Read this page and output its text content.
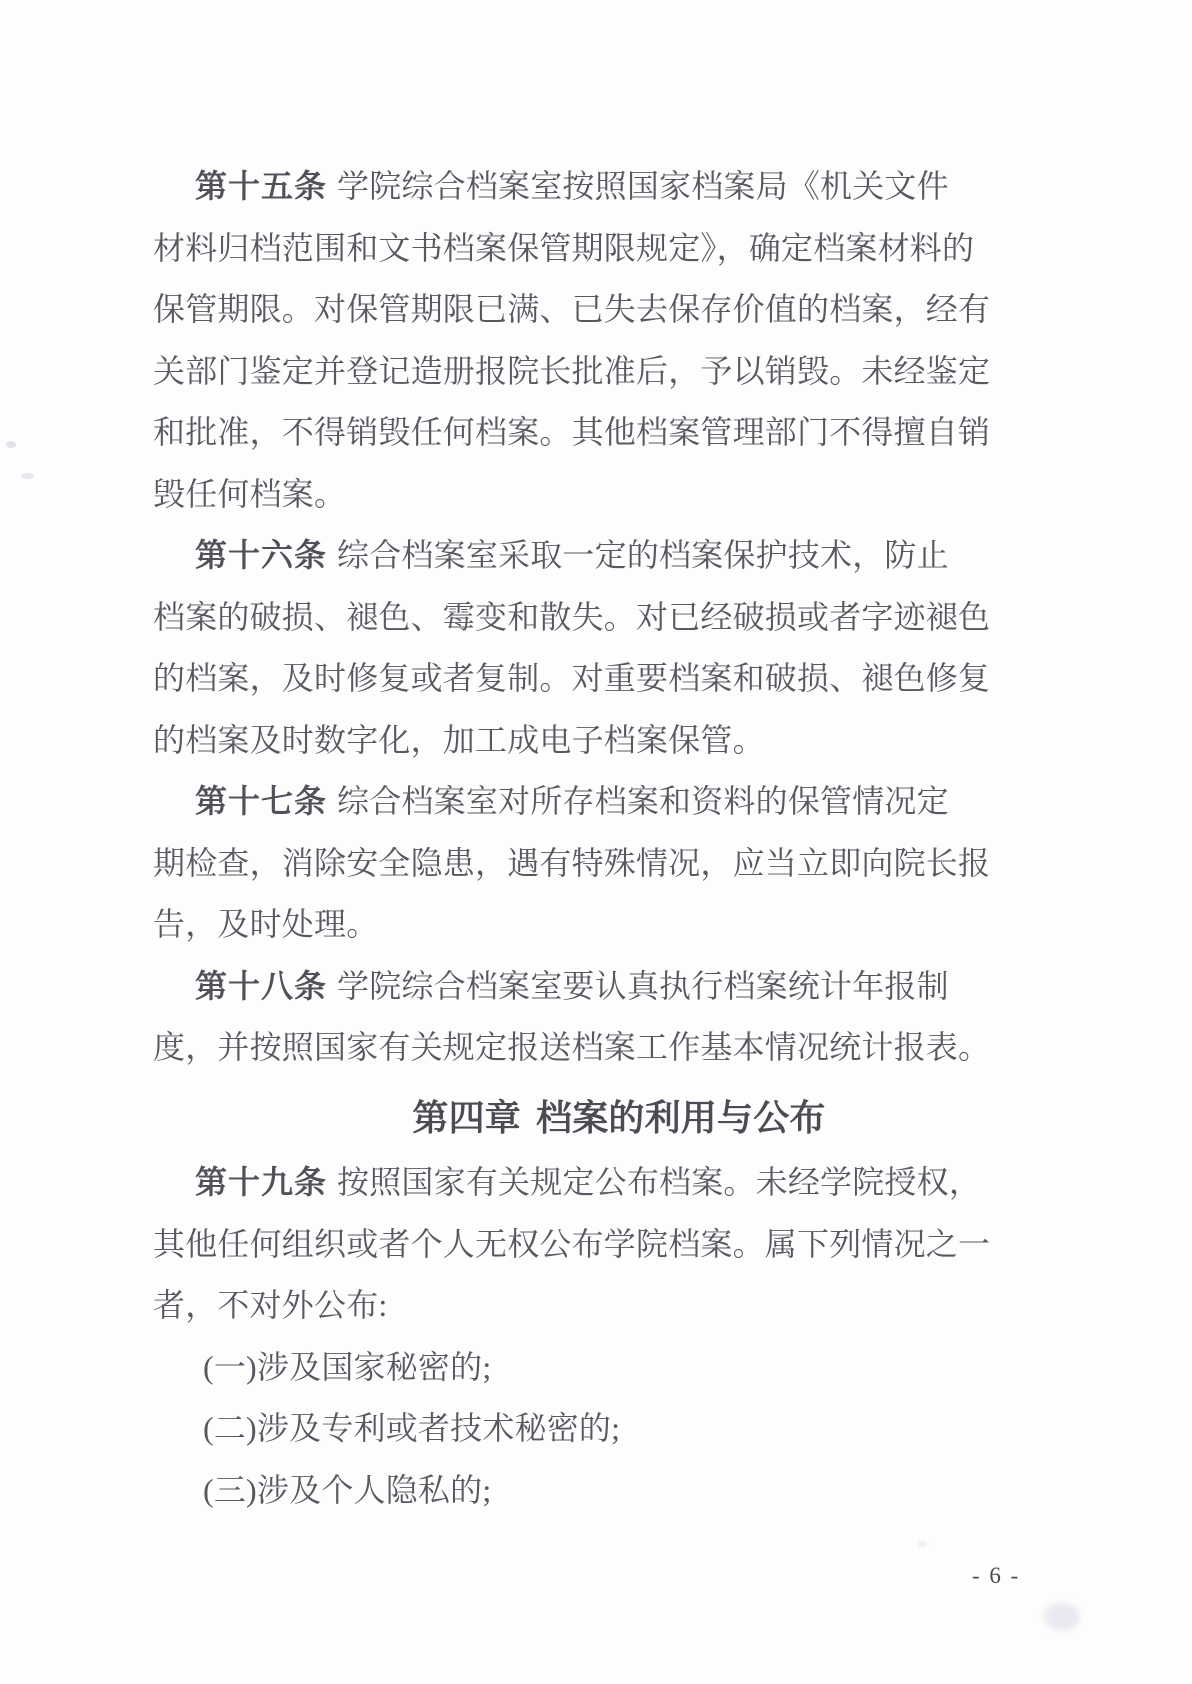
第十五条 学院综合档案室按照国家档案局《机关文件
材料归档范围和文书档案保管期限规定》，确定档案材料的
保管期限。对保管期限已满、已失去保存价值的档案，经有
关部门鉴定并登记造册报院长批准后，予以销毁。未经鉴定
和批准，不得销毁任何档案。其他档案管理部门不得擅自销
毁任何档案。
第十六条 综合档案室采取一定的档案保护技术，防止
档案的破损、褪色、霉变和散失。对已经破损或者字迹褪色
的档案，及时修复或者复制。对重要档案和破损、褪色修复
的档案及时数字化，加工成电子档案保管。
第十七条 综合档案室对所存档案和资料的保管情况定
期检查，消除安全隐患，遇有特殊情况，应当立即向院长报
告，及时处理。
第十八条 学院综合档案室要认真执行档案统计年报制
度，并按照国家有关规定报送档案工作基本情况统计报表。
第四章 档案的利用与公布
第十九条 按照国家有关规定公布档案。未经学院授权，
其他任何组织或者个人无权公布学院档案。属下列情况之一
者，不对外公布:
(一)涉及国家秘密的;
(二)涉及专利或者技术秘密的;
(三)涉及个人隐私的;
- 6 -
